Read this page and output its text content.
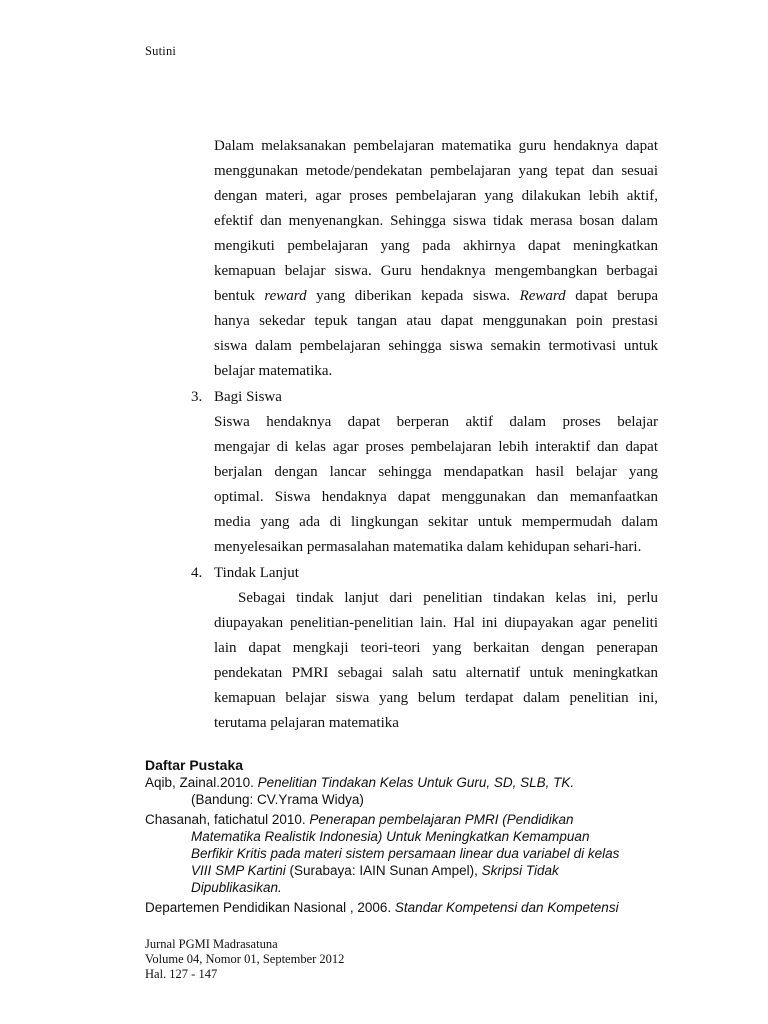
Sutini

Dalam melaksanakan pembelajaran matematika guru hendaknya dapat

menggunakan metode/pendekatan pembelajaran yang tepat dan sesuai

dengan materi, agar proses pembelajaran yang dilakukan lebih aktif,

efektif dan menyenangkan. Sehingga siswa tidak merasa bosan dalam

mengikuti pembelajaran yang pada akhirnya dapat meningkatkan

kemapuan belajar siswa. Guru hendaknya mengembangkan berbagai

bentuk reward yang diberikan kepada siswa. Reward dapat berupa

hanya sekedar tepuk tangan atau dapat menggunakan poin prestasi

siswa dalam pembelajaran sehingga siswa semakin termotivasi untuk

belajar matematika.

3. Bagi Siswa

Siswa hendaknya dapat berperan aktif dalam proses belajar

mengajar di kelas agar proses pembelajaran lebih interaktif dan dapat

berjalan dengan lancar sehingga mendapatkan hasil belajar yang

optimal. Siswa hendaknya dapat menggunakan dan memanfaatkan

media yang ada di lingkungan sekitar untuk mempermudah dalam

menyelesaikan permasalahan matematika dalam kehidupan sehari-hari.

4. Tindak Lanjut

Sebagai tindak lanjut dari penelitian tindakan kelas ini, perlu

diupayakan penelitian-penelitian lain. Hal ini diupayakan agar peneliti

lain dapat mengkaji teori-teori yang berkaitan dengan penerapan

pendekatan PMRI sebagai salah satu alternatif untuk meningkatkan

kemapuan belajar siswa yang belum terdapat dalam penelitian ini,

terutama pelajaran matematika

Daftar Pustaka

Aqib, Zainal.2010. Penelitian Tindakan Kelas Untuk Guru, SD, SLB, TK.

(Bandung: CV.Yrama Widya)

Chasanah, fatichatul 2010. Penerapan pembelajaran PMRI (Pendidikan

Matematika Realistik Indonesia) Untuk Meningkatkan Kemampuan

Berfikir Kritis pada materi sistem persamaan linear dua variabel di kelas

VIII SMP Kartini (Surabaya: IAIN Sunan Ampel), Skripsi Tidak

Dipublikasikan.

Departemen Pendidikan Nasional , 2006. Standar Kompetensi dan Kompetensi

Jurnal PGMI Madrasatuna

Volume 04, Nomor 01, September 2012

Hal. 127 - 147
